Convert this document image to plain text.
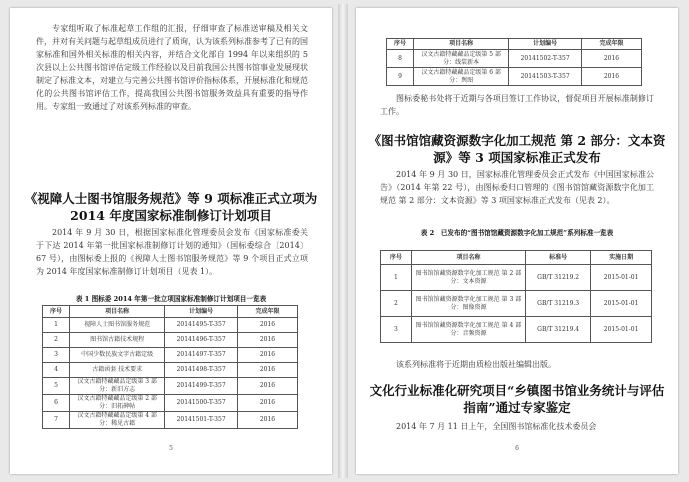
专家组听取了标准起草工作组的汇报，仔细审查了标准送审稿及相关文件，并对有关问题与起草组成员进行了质询，认为该系列标准参考了已有的国家标准和国外相关标准的相关内容，并结合文化部自 1994 年以来组织的 5 次县以上公共图书馆评估定级工作经验以及目前我国公共图书馆事业发展现状制定了标准文本，对建立与完善公共图书馆评价指标体系，开展标准化和规范化的公共图书馆评估工作，提高我国公共图书馆服务效益具有重要的指导作用。专家组一致通过了对该系列标准的审查。

《视障人士图书馆服务规范》等 9 项标准正式立项为 2014 年度国家标准制修订计划项目

2014 年 9 月 30 日，根据国家标准化管理委员会发布《国家标准委关于下达 2014 年第一批国家标准制修订计划的通知》（国标委综合〔2014〕67 号），由图标委上报的《视障人士图书馆服务规范》等 9 个项目正式立项为 2014 年度国家标准制修订计划项目（见表 1）。

表 1 图标委 2014 年第一批立项国家标准制修订计划项目一览表

序号	项目名称	计划编号	完成年限
1	视障人士图书馆服务规范	20141495-T-357	2016
2	图书馆古籍技术规程	20141496-T-357	2016
3	中国少数民族文字古籍定级	20141497-T-357	2016
4	古籍函套 技术要求	20141498-T-357	2016
5	汉文古籍特藏藏品定级第 3 部分：新旧方志	20141499-T-357	2016
6	汉文古籍特藏藏品定级第 2 部分：旧拓碑帖	20141500-T-357	2016
7	汉文古籍特藏藏品定级第 4 部分：稀见古籍	20141501-T-357	2016
5
序号	项目名称	计划编号	完成年限
8	汉文古籍特藏藏品定级第 5 部分：线装新本	20141502-T-357	2016
9	汉文古籍特藏藏品定级第 6 部分：舆图	20141503-T-357	2016

图标委秘书处将于近期与各项目签订工作协议，督促项目开展标准制修订工作。

《图书馆馆藏资源数字化加工规范 第 2 部分：文本资源》等 3 项国家标准正式发布

2014 年 9 月 30 日，国家标准化管理委员会正式发布《中国国家标准公告》（2014 年第 22 号），由图标委归口管理的《图书馆馆藏资源数字化加工规范 第 2 部分：文本资源》等 3 项国家标准正式发布（见表 2）。

表 2　已发布的“图书馆馆藏资源数字化加工规范”系列标准一览表

序号	项目名称	标准号	实施日期
1	图书馆馆藏资源数字化加工规范 第 2 部分：文本资源	GB/T 31219.2	2015-01-01
2	图书馆馆藏资源数字化加工规范 第 3 部分：图像资源	GB/T 31219.3	2015-01-01
3	图书馆馆藏资源数字化加工规范 第 4 部分：音频资源	GB/T 31219.4	2015-01-01

该系列标准将于近期由质检出版社编辑出版。

文化行业标准化研究项目“乡镇图书馆业务统计与评估指南”通过专家鉴定

2014 年 7 月 11 日上午，全国图书馆标准化技术委员会

6
